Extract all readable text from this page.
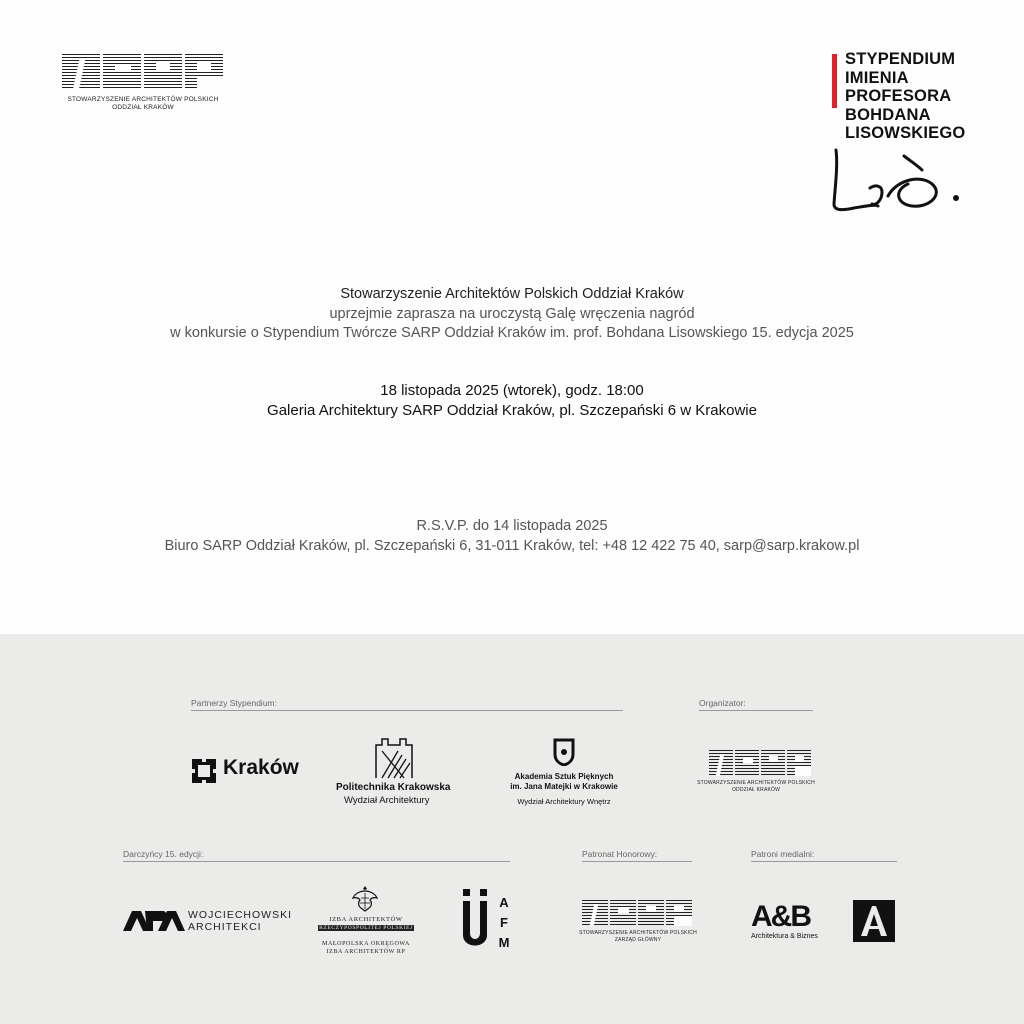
STOWARZYSZENIE ARCHITEKTÓW POLSKICH
ODDZIAŁ KRAKÓW
STYPENDIUM
IMIENIA
PROFESORA
BOHDANA
LISOWSKIEGO
Stowarzyszenie Architektów Polskich Oddział Kraków
uprzejmie zaprasza na uroczystą Galę wręczenia nagród
w konkursie o Stypendium Twórcze SARP Oddział Kraków im. prof. Bohdana Lisowskiego 15. edycja 2025
18 listopada 2025 (wtorek), godz. 18:00
Galeria Architektury SARP Oddział Kraków, pl. Szczepański 6 w Krakowie
R.S.V.P. do 14 listopada 2025
Biuro SARP Oddział Kraków, pl. Szczepański 6, 31-011 Kraków, tel: +48 12 422 75 40, sarp@sarp.krakow.pl
Partnerzy Stypendium:	Organizator:
Kraków
Politechnika Krakowska
Wydział Architektury
Akademia Sztuk Pięknych
im. Jana Matejki w Krakowie
Wydział Architektury Wnętrz
STOWARZYSZENIE ARCHITEKTÓW POLSKICH
ODDZIAŁ KRAKÓW
Darczyńcy 15. edycji:	Patronat Honorowy:	Patroni medialni:
WOJCIECHOWSKI
ARCHITEKCI
IZBA ARCHITEKTÓW
RZECZYPOSPOLITEJ POLSKIEJ
MAŁOPOLSKA OKRĘGOWA
IZBA ARCHITEKTÓW RP
A
F
M
STOWARZYSZENIE ARCHITEKTÓW POLSKICH
ZARZĄD GŁÓWNY
A&B
Architektura & Biznes
